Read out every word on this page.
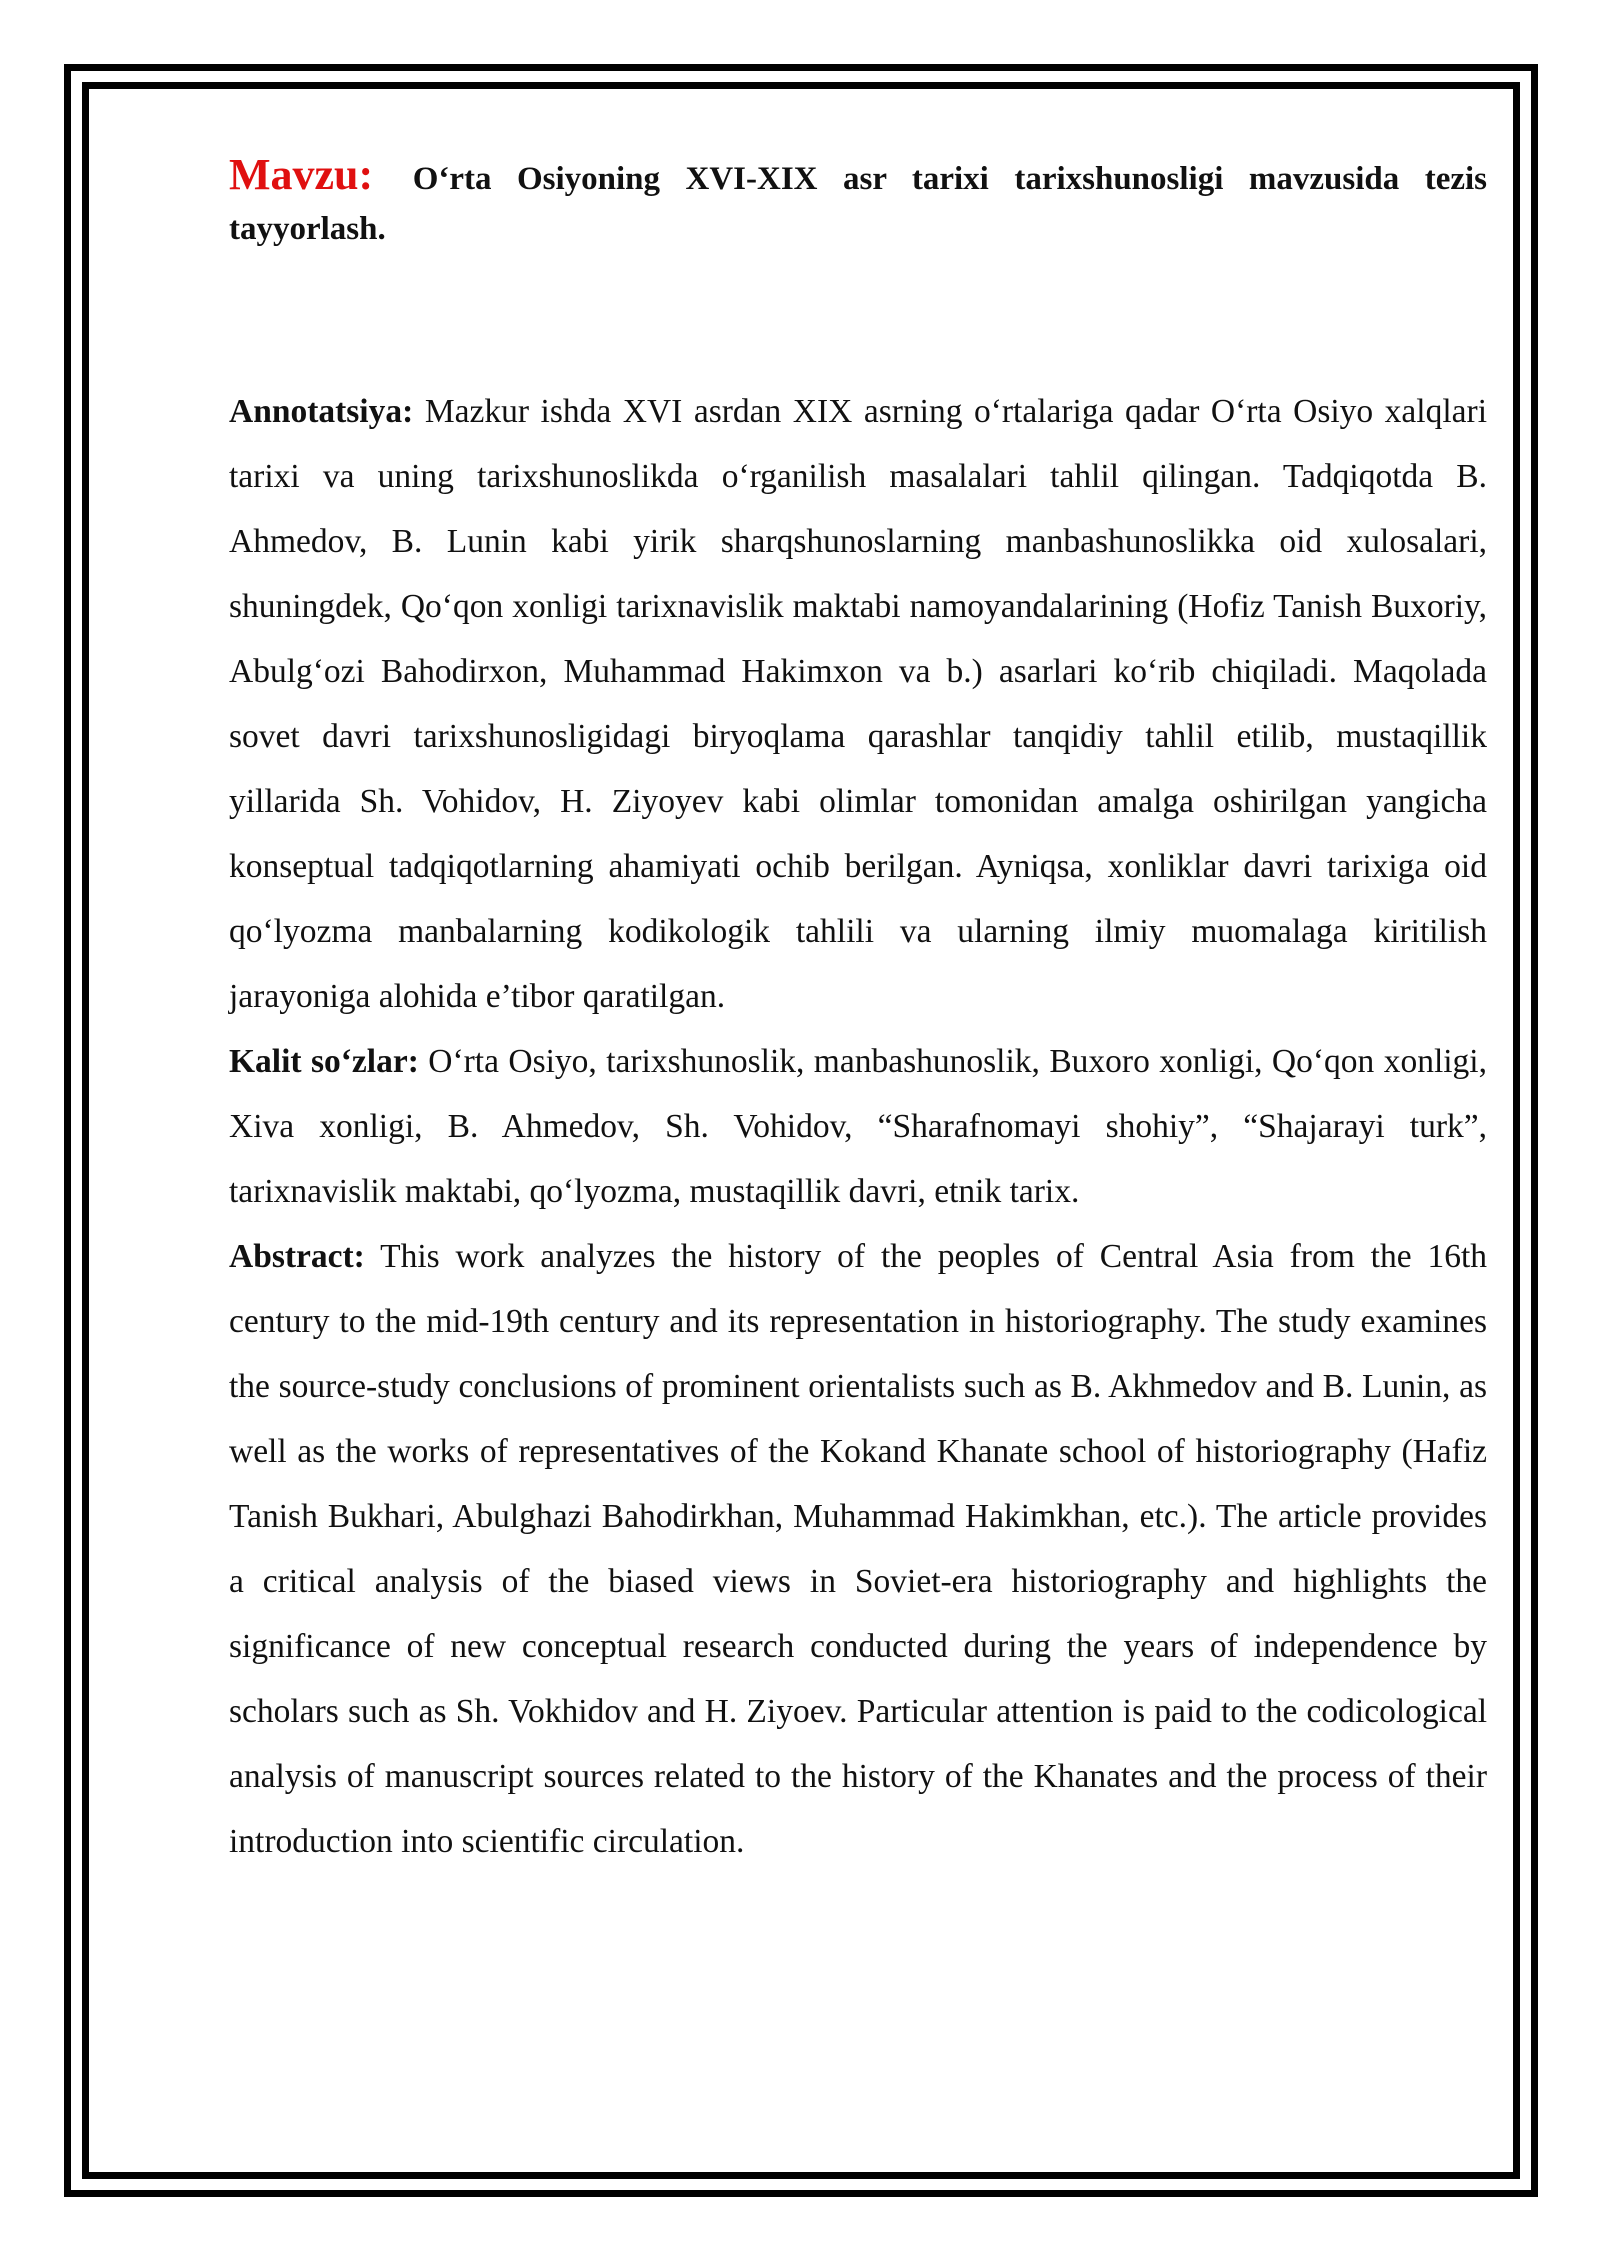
Mavzu: O‘rta Osiyoning XVI-XIX asr tarixi tarixshunosligi mavzusida tezis tayyorlash.

Annotatsiya: Mazkur ishda XVI asrdan XIX asrning o‘rtalariga qadar O‘rta Osiyo xalqlari tarixi va uning tarixshunoslikda o‘rganilish masalalari tahlil qilingan. Tadqiqotda B. Ahmedov, B. Lunin kabi yirik sharqshunoslarning manbashunoslikka oid xulosalari, shuningdek, Qo‘qon xonligi tarixnavislik maktabi namoyandalarining (Hofiz Tanish Buxoriy, Abulg‘ozi Bahodirxon, Muhammad Hakimxon va b.) asarlari ko‘rib chiqiladi. Maqolada sovet davri tarixshunosligidagi biryoqlama qarashlar tanqidiy tahlil etilib, mustaqillik yillarida Sh. Vohidov, H. Ziyoyev kabi olimlar tomonidan amalga oshirilgan yangicha konseptual tadqiqotlarning ahamiyati ochib berilgan. Ayniqsa, xonliklar davri tarixiga oid qo‘lyozma manbalarning kodikologik tahlili va ularning ilmiy muomalaga kiritilish jarayoniga alohida e’tibor qaratilgan.

Kalit so‘zlar: O‘rta Osiyo, tarixshunoslik, manbashunoslik, Buxoro xonligi, Qo‘qon xonligi, Xiva xonligi, B. Ahmedov, Sh. Vohidov, “Sharafnomayi shohiy”, “Shajarayi turk”, tarixnavislik maktabi, qo‘lyozma, mustaqillik davri, etnik tarix.

Abstract: This work analyzes the history of the peoples of Central Asia from the 16th century to the mid-19th century and its representation in historiography. The study examines the source-study conclusions of prominent orientalists such as B. Akhmedov and B. Lunin, as well as the works of representatives of the Kokand Khanate school of historiography (Hafiz Tanish Bukhari, Abulghazi Bahodirkhan, Muhammad Hakimkhan, etc.). The article provides a critical analysis of the biased views in Soviet-era historiography and highlights the significance of new conceptual research conducted during the years of independence by scholars such as Sh. Vokhidov and H. Ziyoev. Particular attention is paid to the codicological analysis of manuscript sources related to the history of the Khanates and the process of their introduction into scientific circulation.
